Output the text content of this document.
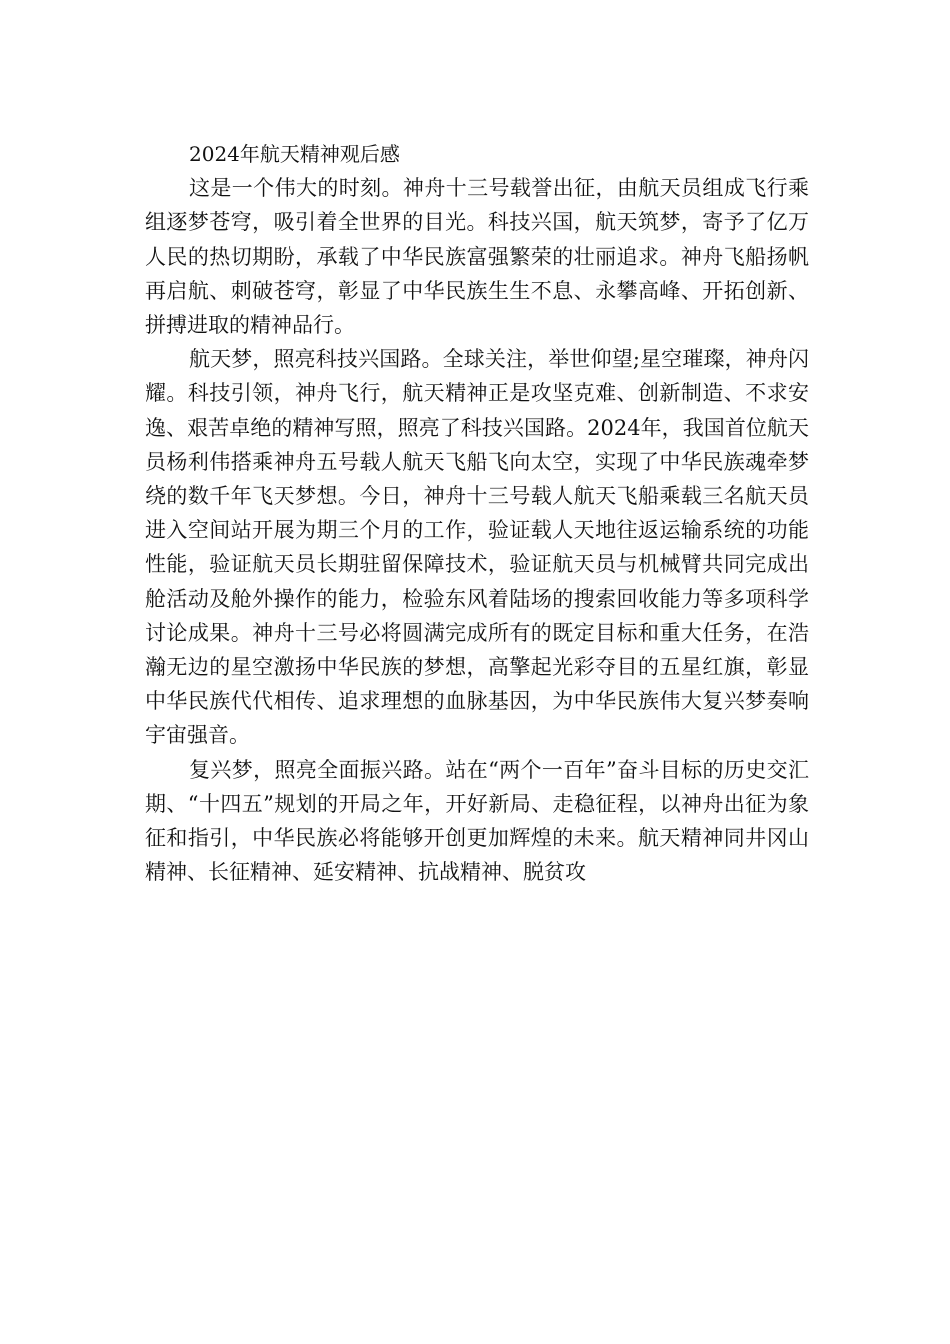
2024年航天精神观后感

这是一个伟大的时刻。神舟十三号载誉出征，由航天员组成飞行乘组逐梦苍穹，吸引着全世界的目光。科技兴国，航天筑梦，寄予了亿万人民的热切期盼，承载了中华民族富强繁荣的壮丽追求。神舟飞船扬帆再启航、刺破苍穹，彰显了中华民族生生不息、永攀高峰、开拓创新、拼搏进取的精神品行。

航天梦，照亮科技兴国路。全球关注，举世仰望;星空璀璨，神舟闪耀。科技引领，神舟飞行，航天精神正是攻坚克难、创新制造、不求安逸、艰苦卓绝的精神写照，照亮了科技兴国路。2024年，我国首位航天员杨利伟搭乘神舟五号载人航天飞船飞向太空，实现了中华民族魂牵梦绕的数千年飞天梦想。今日，神舟十三号载人航天飞船乘载三名航天员进入空间站开展为期三个月的工作，验证载人天地往返运输系统的功能性能，验证航天员长期驻留保障技术，验证航天员与机械臂共同完成出舱活动及舱外操作的能力，检验东风着陆场的搜索回收能力等多项科学讨论成果。神舟十三号必将圆满完成所有的既定目标和重大任务，在浩瀚无边的星空激扬中华民族的梦想，高擎起光彩夺目的五星红旗，彰显中华民族代代相传、追求理想的血脉基因，为中华民族伟大复兴梦奏响宇宙强音。

复兴梦，照亮全面振兴路。站在“两个一百年”奋斗目标的历史交汇期、“十四五”规划的开局之年，开好新局、走稳征程，以神舟出征为象征和指引，中华民族必将能够开创更加辉煌的未来。航天精神同井冈山精神、长征精神、延安精神、抗战精神、脱贫攻
